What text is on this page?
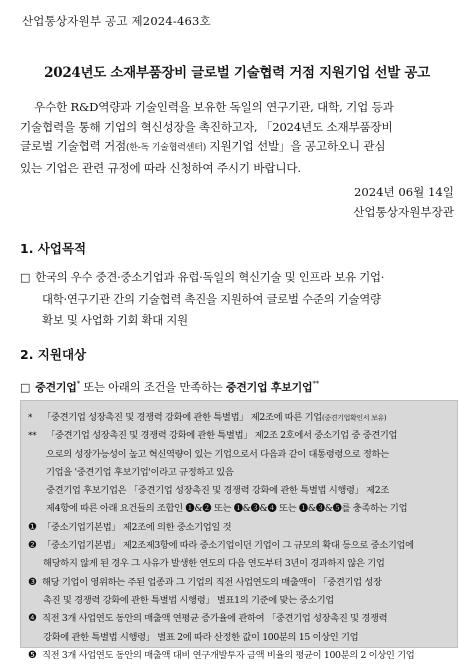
산업통상자원부 공고 제2024-463호
2024년도 소재부품장비 글로벌 기술협력 거점 지원기업 선발 공고
우수한 R&D역량과 기술인력을 보유한 독일의 연구기관, 대학, 기업 등과
기술협력을 통해 기업의 혁신성장을 촉진하고자, 「2024년도 소재부품장비
글로벌 기술협력 거점(한-독 기술협력센터) 지원기업 선발」을 공고하오니 관심
있는 기업은 관련 규정에 따라 신청하여 주시기 바랍니다.
2024년 06월 14일
산업통상자원부장관
1. 사업목적
□ 한국의 우수 중견·중소기업과 유럽·독일의 혁신기술 및 인프라 보유 기업·
대학·연구기관 간의 기술협력 촉진을 지원하여 글로벌 수준의 기술역량
확보 및 사업화 기회 확대 지원
2. 지원대상
□ 중견기업* 또는 아래의 조건을 만족하는 중견기업 후보기업**
* 「중견기업 성장촉진 및 경쟁력 강화에 관한 특별법」 제2조에 따른 기업(중견기업확인서 보유)
** 「중견기업 성장촉진 및 경쟁력 강화에 관한 특별법」 제2조 2호에서 중소기업 중 중견기업
으로의 성장가능성이 높고 혁신역량이 있는 기업으로서 다음과 같이 대통령령으로 정하는
기업을 '중견기업 후보기업'이라고 규정하고 있음
중견기업 후보기업은 「중견기업 성장촉진 및 경쟁력 강화에 관한 특별법 시행령」 제2조
제4항에 따른 아래 요건들의 조합인 ❶&❷ 또는 ❶&❸&❹ 또는 ❶&❸&❺를 충족하는 기업
❶ 「중소기업기본법」 제2조에 의한 중소기업일 것
❷ 「중소기업기본법」 제2조제3항에 따라 중소기업이던 기업이 그 규모의 확대 등으로 중소기업에
해당하지 않게 된 경우 그 사유가 발생한 연도의 다음 연도부터 3년이 경과하지 않은 기업
❸ 해당 기업이 영위하는 주된 업종과 그 기업의 직전 사업연도의 매출액이 「중견기업 성장
촉진 및 경쟁력 강화에 관한 특별법 시행령」 별표1의 기준에 맞는 중소기업
❹ 직전 3개 사업연도 동안의 매출액 연평균 증가율에 관하여 「중견기업 성장촉진 및 경쟁력
강화에 관한 특별법 시행령」 별표 2에 따라 산정한 값이 100분의 15 이상인 기업
❺ 직전 3개 사업연도 동안의 매출액 대비 연구개발투자 금액 비율의 평균이 100분의 2 이상인 기업
